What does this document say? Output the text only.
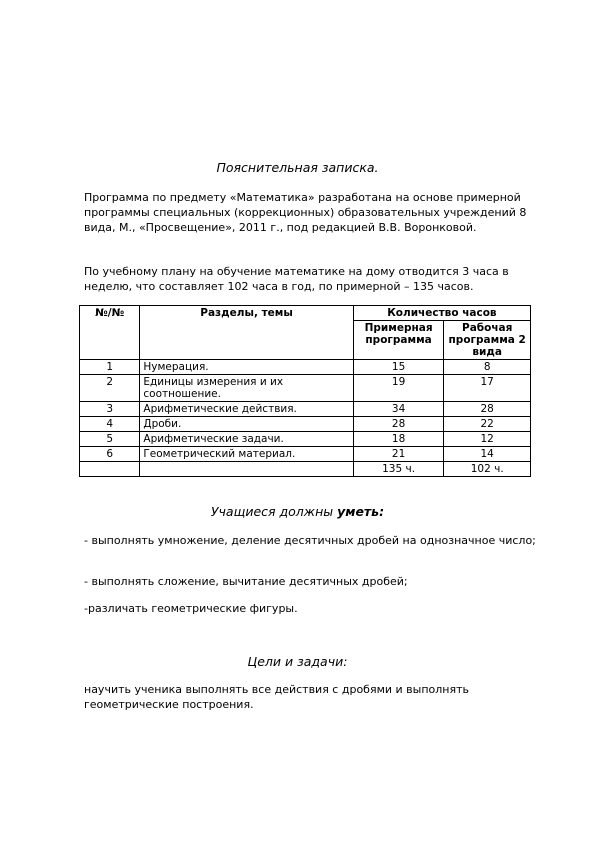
Пояснительная записка.
Программа по предмету «Математика» разработана на основе примерной программы специальных (коррекционных) образовательных учреждений 8 вида, М., «Просвещение», 2011 г., под редакцией В.В. Воронковой.
По учебному плану на обучение математике на дому отводится 3 часа в неделю, что составляет 102 часа в год, по примерной – 135 часов.
№/№	Разделы, темы	Количество часов	
		Примерная программа	Рабочая программа 2 вида
1	Нумерация.	15	8
2	Единицы измерения и их соотношение.	19	17
3	Арифметические действия.	34	28
4	Дроби.	28	22
5	Арифметические задачи.	18	12
6	Геометрический материал.	21	14
		135 ч.	102 ч.
Учащиеся должны уметь:
- выполнять умножение, деление десятичных дробей на однозначное число;
- выполнять сложение, вычитание десятичных дробей;
-различать геометрические фигуры.
Цели и задачи:
научить ученика выполнять все действия с дробями и выполнять геометрические построения.
